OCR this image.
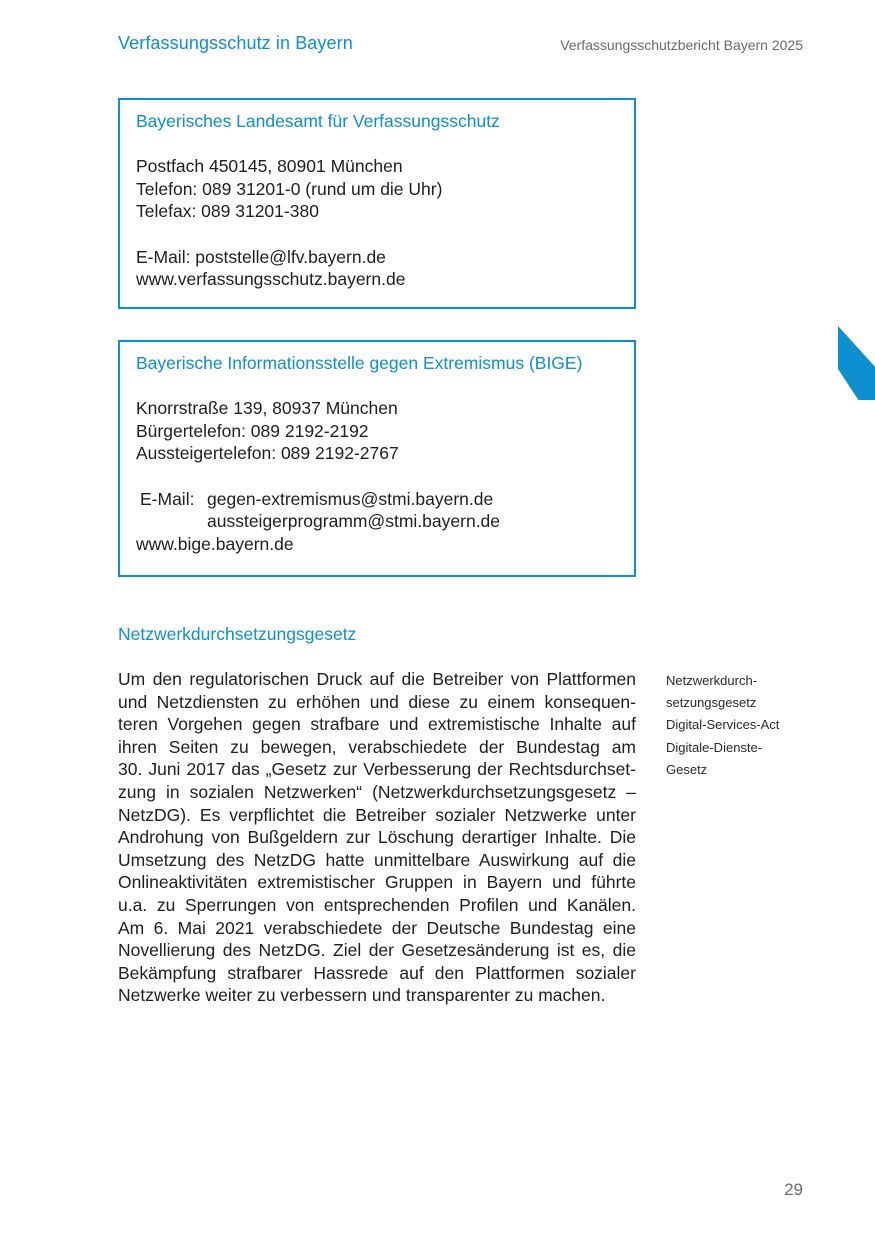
Verfassungsschutz in Bayern	Verfassungsschutzbericht Bayern 2025
Bayerisches Landesamt für Verfassungsschutz
Postfach 450145, 80901 München
Telefon: 089 31201-0 (rund um die Uhr)
Telefax: 089 31201-380
E-Mail: poststelle@lfv.bayern.de
www.verfassungsschutz.bayern.de
Bayerische Informationsstelle gegen Extremismus (BIGE)
Knorrstraße 139, 80937 München
Bürgertelefon: 089 2192-2192
Aussteigertelefon: 089 2192-2767
E-Mail: gegen-extremismus@stmi.bayern.de
aussteigerprogramm@stmi.bayern.de
www.bige.bayern.de
Netzwerkdurchsetzungsgesetz
Um den regulatorischen Druck auf die Betreiber von Plattformen
und Netzdiensten zu erhöhen und diese zu einem konsequen-
teren Vorgehen gegen strafbare und extremistische Inhalte auf
ihren Seiten zu bewegen, verabschiedete der Bundestag am
30. Juni 2017 das „Gesetz zur Verbesserung der Rechtsdurchset-
zung in sozialen Netzwerken“ (Netzwerkdurchsetzungsgesetz –
NetzDG). Es verpflichtet die Betreiber sozialer Netzwerke unter
Androhung von Bußgeldern zur Löschung derartiger Inhalte. Die
Umsetzung des NetzDG hatte unmittelbare Auswirkung auf die
Onlineaktivitäten extremistischer Gruppen in Bayern und führte
u.a. zu Sperrungen von entsprechenden Profilen und Kanälen.
Am 6. Mai 2021 verabschiedete der Deutsche Bundestag eine
Novellierung des NetzDG. Ziel der Gesetzesänderung ist es, die
Bekämpfung strafbarer Hassrede auf den Plattformen sozialer
Netzwerke weiter zu verbessern und transparenter zu machen.
Netzwerkdurch-
setzungsgesetz
Digital-Services-Act
Digitale-Dienste-
Gesetz
29
